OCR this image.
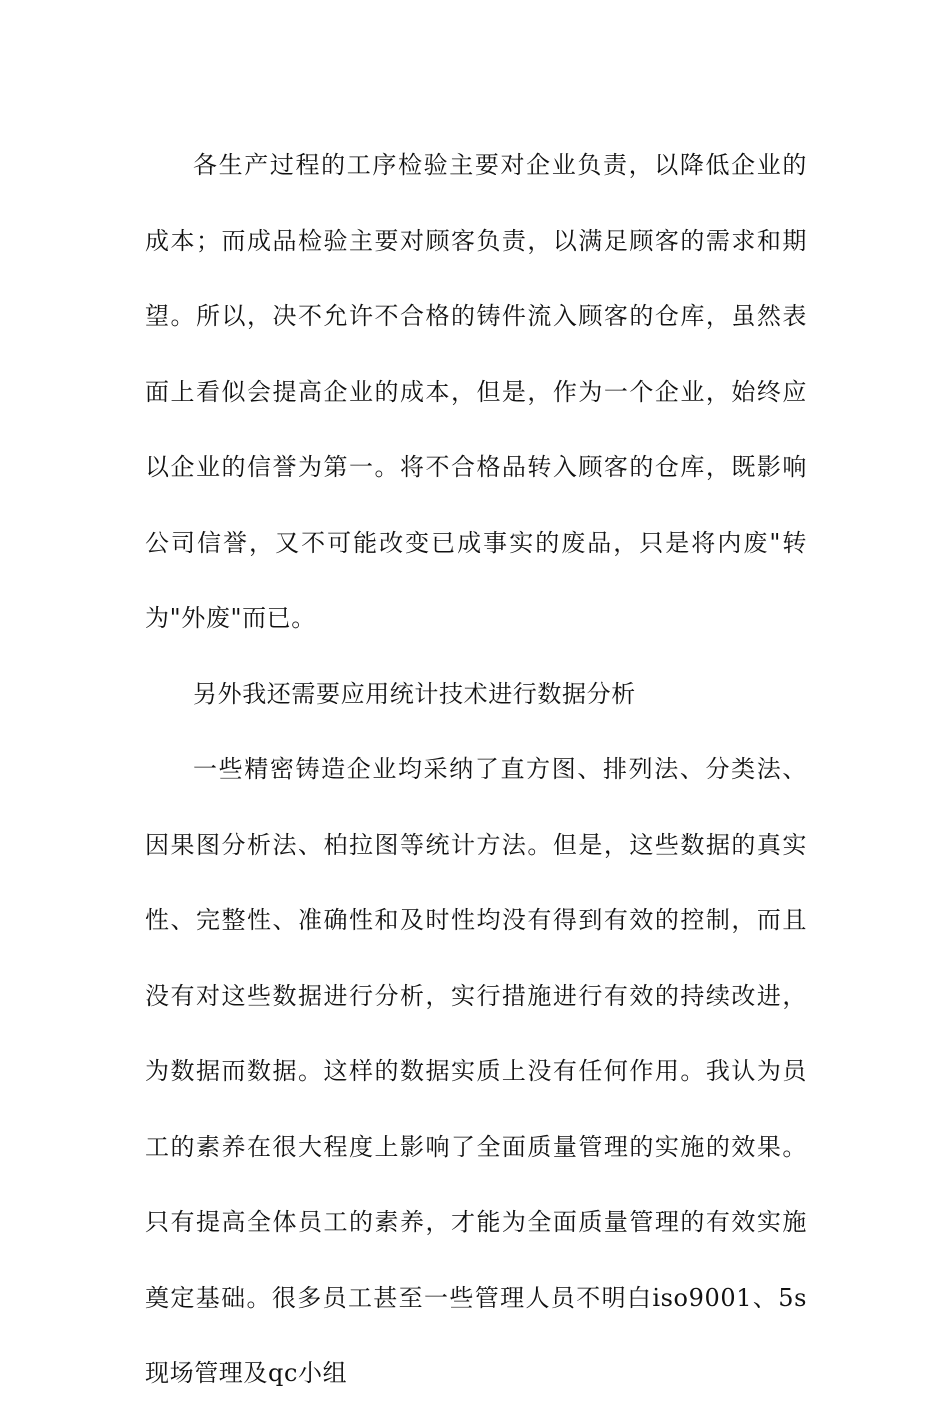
各生产过程的工序检验主要对企业负责，以降低企业的成本；而成品检验主要对顾客负责，以满足顾客的需求和期望。所以，决不允许不合格的铸件流入顾客的仓库，虽然表面上看似会提高企业的成本，但是，作为一个企业，始终应以企业的信誉为第一。将不合格品转入顾客的仓库，既影响公司信誉，又不可能改变已成事实的废品，只是将内废"转为"外废"而已。

另外我还需要应用统计技术进行数据分析

一些精密铸造企业均采纳了直方图、排列法、分类法、因果图分析法、柏拉图等统计方法。但是，这些数据的真实性、完整性、准确性和及时性均没有得到有效的控制，而且没有对这些数据进行分析，实行措施进行有效的持续改进，为数据而数据。这样的数据实质上没有任何作用。我认为员工的素养在很大程度上影响了全面质量管理的实施的效果。只有提高全体员工的素养，才能为全面质量管理的有效实施奠定基础。很多员工甚至一些管理人员不明白iso9001、5s现场管理及qc小组
